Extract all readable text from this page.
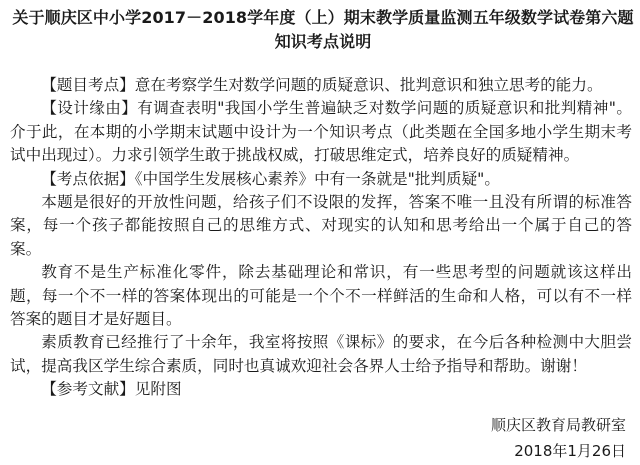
关于顺庆区中小学2017－2018学年度（上）期末教学质量监测五年级数学试卷第六题知识考点说明

【题目考点】意在考察学生对数学问题的质疑意识、批判意识和独立思考的能力。

【设计缘由】有调查表明"我国小学生普遍缺乏对数学问题的质疑意识和批判精神"。介于此，在本期的小学期末试题中设计为一个知识考点（此类题在全国多地小学生期末考试中出现过）。力求引领学生敢于挑战权威，打破思维定式，培养良好的质疑精神。

【考点依据】《中国学生发展核心素养》中有一条就是"批判质疑"。

本题是很好的开放性问题，给孩子们不设限的发挥，答案不唯一且没有所谓的标准答案，每一个孩子都能按照自己的思维方式、对现实的认知和思考给出一个属于自己的答案。

教育不是生产标准化零件，除去基础理论和常识，有一些思考型的问题就该这样出题，每一个不一样的答案体现出的可能是一个个不一样鲜活的生命和人格，可以有不一样答案的题目才是好题目。

素质教育已经推行了十余年，我室将按照《课标》的要求，在今后各种检测中大胆尝试，提高我区学生综合素质，同时也真诚欢迎社会各界人士给予指导和帮助。谢谢！

【参考文献】见附图

顺庆区教育局教研室

2018年1月26日
